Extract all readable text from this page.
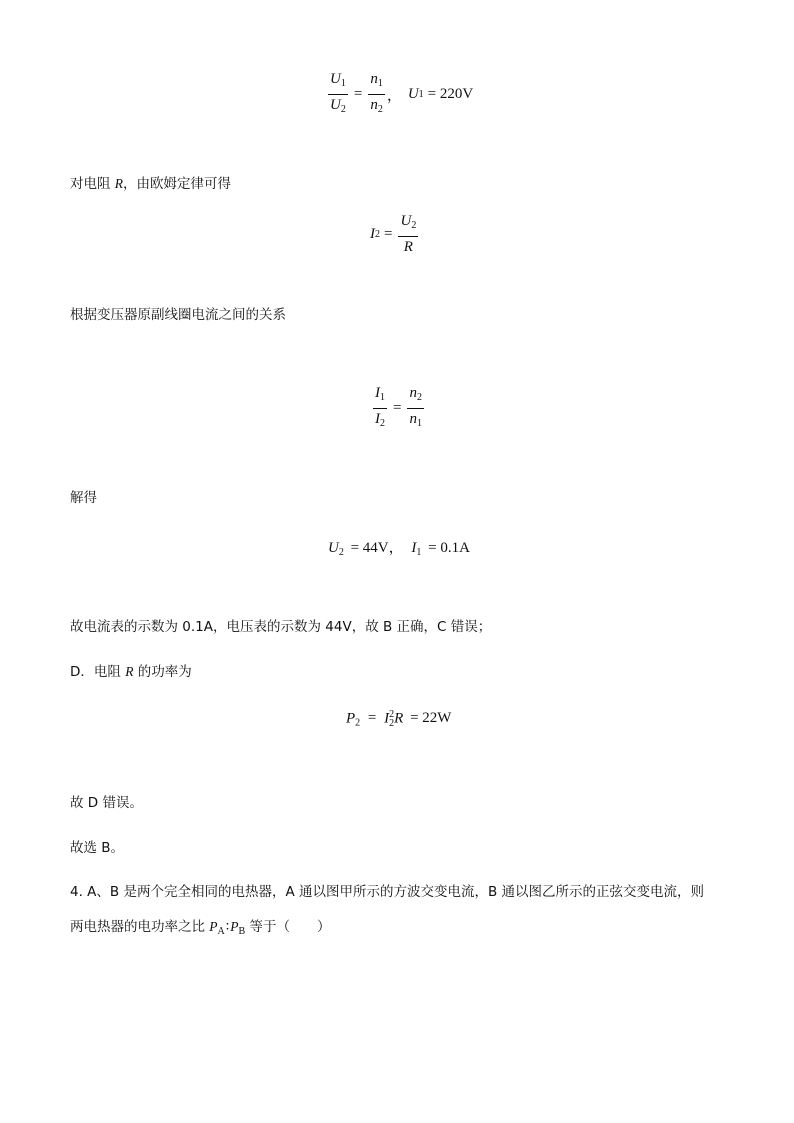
$\frac{U_1}{U_2} = \frac{n_1}{n_2}$ ， U 1 = 220V
对电阻 R，由欧姆定律可得
I $2 = \frac{U_2}{R}$
根据变压器原副线圈电流之间的关系
$\frac{I_1}{I_2} = \frac{n_2}{n_1}$
解得
$U_2 = 44V$， $I_1 = 0.1A$
故电流表的示数为 0.1A，电压表的示数为 44V，故 B 正确，C 错误；
D．电阻 R 的功率为
$P_2 = I$ 2
2 R = 22W
故 D 错误。
故选 B。
4. A、B 是两个完全相同的电热器，A 通以图甲所示的方波交变电流，B 通以图乙所示的正弦交变电流，则
两电热器的电功率之比 $P_A∶P_B$ 等于（　　）
